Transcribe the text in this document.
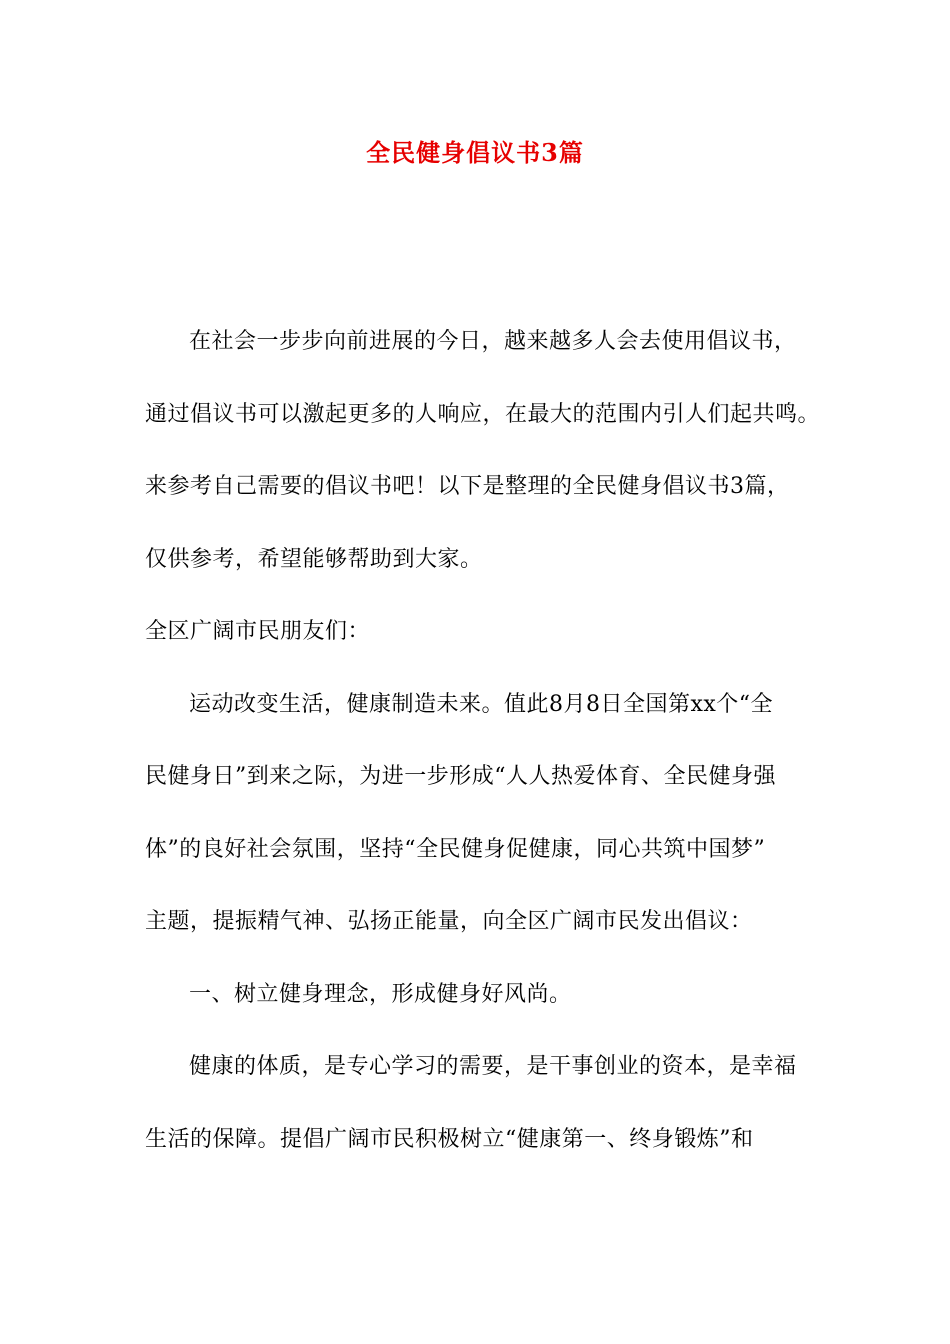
全民健身倡议书3篇
在社会一步步向前进展的今日，越来越多人会去使用倡议书，
通过倡议书可以激起更多的人响应，在最大的范围内引人们起共鸣。
来参考自己需要的倡议书吧！以下是整理的全民健身倡议书3篇，
仅供参考，希望能够帮助到大家。
全区广阔市民朋友们：
运动改变生活，健康制造未来。值此8月8日全国第xx个“全
民健身日”到来之际，为进一步形成“人人热爱体育、全民健身强
体”的良好社会氛围，坚持“全民健身促健康，同心共筑中国梦”
主题，提振精气神、弘扬正能量，向全区广阔市民发出倡议：
一、树立健身理念，形成健身好风尚。
健康的体质，是专心学习的需要，是干事创业的资本，是幸福
生活的保障。提倡广阔市民积极树立“健康第一、终身锻炼”和
